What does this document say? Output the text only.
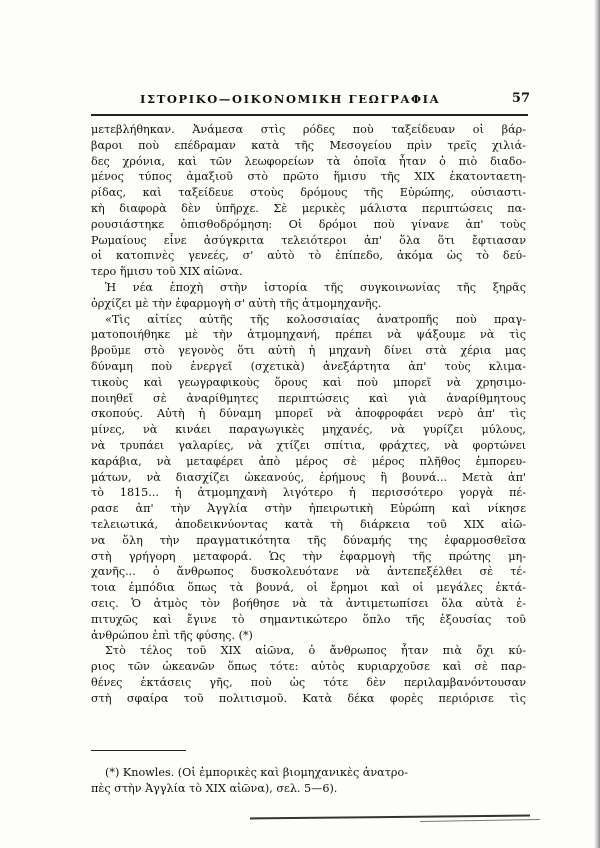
ΙΣΤΟΡΙΚΟ—ΟΙΚΟΝΟΜΙΚΗ ΓΕΩΓΡΑΦΙΑ	57
μετεβλήθηκαν. Ἀνάμεσα στὶς ρόδες ποὺ ταξείδευαν οἱ βάρ-
βαροι ποὺ επέδραμαν κατὰ τῆς Μεσογείου πρὶν τρεῖς χιλιά-
δες χρόνια, καὶ τῶν λεωφορείων τὰ ὁποῖα ἦταν ὁ πιὸ διαδο-
μένος τύπος ἀμαξιοῦ στὸ πρῶτο ἥμισυ τῆς XIX ἑκατονταετη-
ρίδας, καὶ ταξείδευε στοὺς δρόμους τῆς Εὐρώπης, οὐσιαστι-
κὴ διαφορὰ δὲν ὑπῆρχε. Σὲ μερικὲς μάλιστα περιπτώσεις πα-
ρουσιάστηκε ὀπισθοδρόμηση: Οἱ δρόμοι ποὺ γίνανε ἀπ' τοὺς
Ρωμαίους εἶνε ἀσύγκριτα τελειότεροι ἀπ' ὅλα ὅτι ἔφτιασαν
οἱ κατοπινὲς γενεές, σ' αὐτὸ τὸ ἐπίπεδο, ἀκόμα ὡς τὸ δεύ-
τερο ἥμισυ τοῦ XIX αἰῶνα.
Ἡ νέα ἐποχὴ στὴν ἱστορία τῆς συγκοινωνίας τῆς ξηρᾶς
ὀρχίζει μὲ τὴν ἐφαρμογὴ σ' αὐτὴ τῆς ἀτμομηχανῆς.
«Τὶς αἰτίες αὐτῆς τῆς κολοσσιαίας ἀνατροπῆς ποὺ πραγ-
ματοποιήθηκε μὲ τὴν ἀτμομηχανή, πρέπει νὰ ψάξουμε νὰ τὶς
βροῦμε στὸ γεγονὸς ὅτι αὐτὴ ἡ μηχανὴ δίνει στὰ χέρια μας
δύναμη ποὺ ἐνεργεῖ (σχετικὰ) ἀνεξάρτητα ἀπ' τοὺς κλιμα-
τικοὺς καὶ γεωγραφικοὺς ὅρους καὶ ποὺ μπορεῖ νὰ χρησιμο-
ποιηθεῖ σὲ ἀναρίθμητες περιπτώσεις καὶ γιὰ ἀναρίθμητους
σκοπούς. Αὐτὴ ἡ δύναμη μπορεῖ νὰ ἀποφροφάει νερὸ ἀπ' τὶς
μίνες, νὰ κινάει παραγωγικὲς μηχανές, νὰ γυρίζει μύλους,
νὰ τρυπάει γαλαρίες, νὰ χτίζει σπίτια, φράχτες, νὰ φορτώνει
καράβια, νὰ μεταφέρει ἀπὸ μέρος σὲ μέρος πλῆθος ἐμπορευ-
μάτων, νὰ διασχίζει ὠκεανούς, ἐρήμους ἢ βουνά... Μετὰ ἀπ'
τὸ 1815... ἡ ἀτμομηχανὴ λιγότερο ἡ περισσότερο γοργὰ πέ-
ρασε ἀπ' τὴν Ἀγγλία στὴν ἠπειρωτικὴ Εὐρώπη καὶ νίκησε
τελειωτικά, ἀποδεικνύοντας κατὰ τὴ διάρκεια τοῦ XIX αἰῶ-
να ὅλη τὴν πραγματικότητα τῆς δύναμής της ἐφαρμοσθεῖσα
στὴ γρήγορη μεταφορά. Ὡς τὴν ἐφαρμογὴ τῆς πρώτης μη-
χανῆς... ὁ ἄνθρωπος δυσκολευότανε νὰ ἀντεπεξέλθει σὲ τέ-
τοια ἐμπόδια ὅπως τὰ βουνά, οἱ ἔρημοι καὶ οἱ μεγάλες ἐκτά-
σεις. Ὁ ἀτμὸς τὸν βοήθησε νὰ τὰ ἀντιμετωπίσει ὅλα αὐτὰ ἐ-
πιτυχῶς καὶ ἔγινε τὸ σημαντικώτερο ὅπλο τῆς ἐξουσίας τοῦ
ἀνθρώπου ἐπὶ τῆς φύσης. (*)
Στὸ τέλος τοῦ XIX αἰῶνα, ὁ ἄνθρωπος ἦταν πιὰ ὄχι κύ-
ριος τῶν ὠκεανῶν ὅπως τότε: αὐτὸς κυριαρχοῦσε καὶ σὲ παρ-
θένες ἐκτάσεις γῆς, ποὺ ὡς τότε δὲν περιλαμβανόντουσαν
στὴ σφαίρα τοῦ πολιτισμοῦ. Κατὰ δέκα φορὲς περιόρισε τὶς
(*) Knowles. (Οἱ ἐμπορικὲς καὶ βιομηχανικὲς ἀνατρο-
πὲς στὴν Ἀγγλία τὸ XIX αἰῶνα), σελ. 5—6).
